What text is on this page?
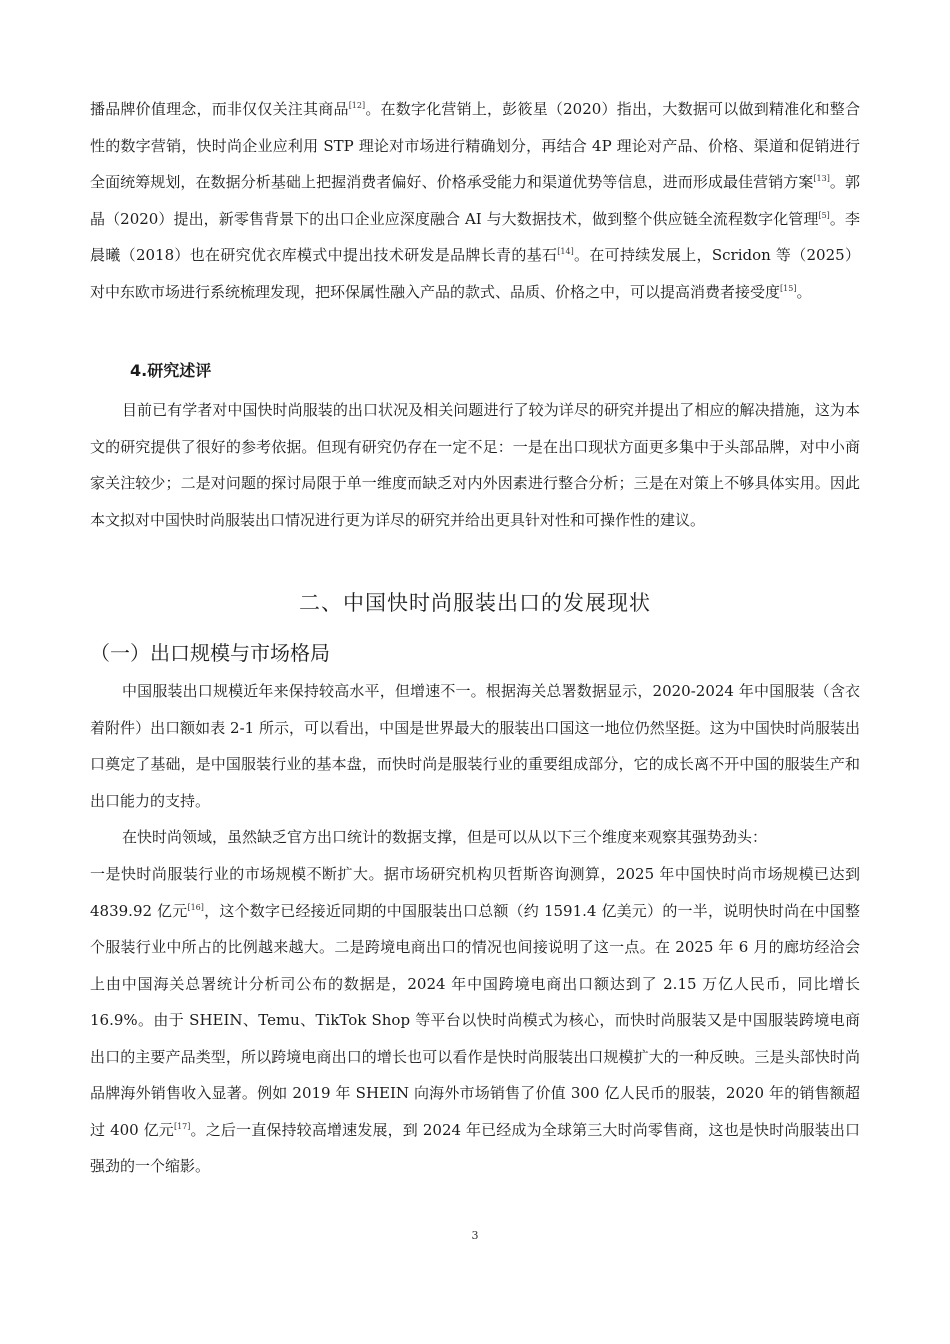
播品牌价值理念，而非仅仅关注其商品[12]。在数字化营销上，彭筱星（2020）指出，大数据可以做到精准化和整合性的数字营销，快时尚企业应利用 STP 理论对市场进行精确划分，再结合 4P 理论对产品、价格、渠道和促销进行全面统筹规划，在数据分析基础上把握消费者偏好、价格承受能力和渠道优势等信息，进而形成最佳营销方案[13]。郭晶（2020）提出，新零售背景下的出口企业应深度融合 AI 与大数据技术，做到整个供应链全流程数字化管理[5]。李晨曦（2018）也在研究优衣库模式中提出技术研发是品牌长青的基石[14]。在可持续发展上，Scridon 等（2025）对中东欧市场进行系统梳理发现，把环保属性融入产品的款式、品质、价格之中，可以提高消费者接受度[15]。

4.研究述评

目前已有学者对中国快时尚服装的出口状况及相关问题进行了较为详尽的研究并提出了相应的解决措施，这为本文的研究提供了很好的参考依据。但现有研究仍存在一定不足：一是在出口现状方面更多集中于头部品牌，对中小商家关注较少；二是对问题的探讨局限于单一维度而缺乏对内外因素进行整合分析；三是在对策上不够具体实用。因此本文拟对中国快时尚服装出口情况进行更为详尽的研究并给出更具针对性和可操作性的建议。

二、中国快时尚服装出口的发展现状
（一）出口规模与市场格局

中国服装出口规模近年来保持较高水平，但增速不一。根据海关总署数据显示，2020-2024 年中国服装（含衣着附件）出口额如表 2-1 所示，可以看出，中国是世界最大的服装出口国这一地位仍然坚挺。这为中国快时尚服装出口奠定了基础，是中国服装行业的基本盘，而快时尚是服装行业的重要组成部分，它的成长离不开中国的服装生产和出口能力的支持。

在快时尚领域，虽然缺乏官方出口统计的数据支撑，但是可以从以下三个维度来观察其强势劲头：

一是快时尚服装行业的市场规模不断扩大。据市场研究机构贝哲斯咨询测算，2025 年中国快时尚市场规模已达到 4839.92 亿元[16]，这个数字已经接近同期的中国服装出口总额（约 1591.4 亿美元）的一半，说明快时尚在中国整个服装行业中所占的比例越来越大。二是跨境电商出口的情况也间接说明了这一点。在 2025 年 6 月的廊坊经洽会上由中国海关总署统计分析司公布的数据是，2024 年中国跨境电商出口额达到了 2.15 万亿人民币，同比增长 16.9%。由于 SHEIN、Temu、TikTok Shop 等平台以快时尚模式为核心，而快时尚服装又是中国服装跨境电商出口的主要产品类型，所以跨境电商出口的增长也可以看作是快时尚服装出口规模扩大的一种反映。三是头部快时尚品牌海外销售收入显著。例如 2019 年 SHEIN 向海外市场销售了价值 300 亿人民币的服装，2020 年的销售额超过 400 亿元[17]。之后一直保持较高增速发展，到 2024 年已经成为全球第三大时尚零售商，这也是快时尚服装出口强劲的一个缩影。

3
